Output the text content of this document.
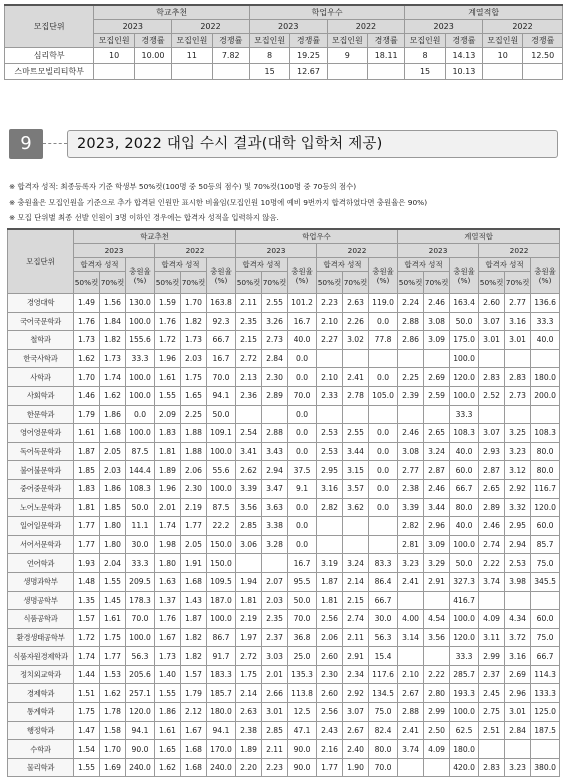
모집단위	학교추천				학업우수				계열적합			
	2023		2022		2023		2022		2023		2022	
	모집인원	경쟁률	모집인원	경쟁률	모집인원	경쟁률	모집인원	경쟁률	모집인원	경쟁률	모집인원	경쟁률
심리학부	10	10.00	11	7.82	8	19.25	9	18.11	8	14.13	10	12.50
스마트모빌리티학부					15	12.67			15	10.13		
9	2023, 2022 대입 수시 결과(대학 입학처 제공)
※ 합격자 성적: 최종등록자 기준 학생부 50%컷(100명 중 50등의 점수) 및 70%컷(100명 중 70등의 점수)
※ 충원율은 모집인원을 기준으로 추가 합격된 인원만 표시한 비율임(모집인원 10명에 예비 9번까지 합격하였다면 충원율은 90%)
※ 모집 단위별 최종 선발 인원이 3명 이하인 경우에는 합격자 성적을 입력하지 않음.
모집단위	학교추천						학업우수						계열적합					
	2023			2022			2023			2022			2023			2022		
	합격자 성적		충원율(%)	합격자 성적		충원율(%)	합격자 성적		충원율(%)	합격자 성적		충원율(%)	합격자 성적		충원율(%)	합격자 성적		충원율(%)
	50%컷	70%컷		50%컷	70%컷		50%컷	70%컷		50%컷	70%컷		50%컷	70%컷		50%컷	70%컷	
경영대학	1.49	1.56	130.0	1.59	1.70	163.8	2.11	2.55	101.2	2.23	2.63	119.0	2.24	2.46	163.4	2.60	2.77	136.6
국어국문학과	1.76	1.84	100.0	1.76	1.82	92.3	2.35	3.26	16.7	2.10	2.26	0.0	2.88	3.08	50.0	3.07	3.16	33.3
철학과	1.73	1.82	155.6	1.72	1.73	66.7	2.15	2.73	40.0	2.27	3.02	77.8	2.86	3.09	175.0	3.01	3.01	40.0
한국사학과	1.62	1.73	33.3	1.96	2.03	16.7	2.72	2.84	0.0						100.0			
사학과	1.70	1.74	100.0	1.61	1.75	70.0	2.13	2.30	0.0	2.10	2.41	0.0	2.25	2.69	120.0	2.83	2.83	180.0
사회학과	1.46	1.62	100.0	1.55	1.65	94.1	2.36	2.89	70.0	2.33	2.78	105.0	2.39	2.59	100.0	2.52	2.73	200.0
한문학과	1.79	1.86	0.0	2.09	2.25	50.0			0.0						33.3			
영어영문학과	1.61	1.68	100.0	1.83	1.88	109.1	2.54	2.88	0.0	2.53	2.55	0.0	2.46	2.65	108.3	3.07	3.25	108.3
독어독문학과	1.87	2.05	87.5	1.81	1.88	100.0	3.41	3.43	0.0	2.53	3.44	0.0	3.08	3.24	40.0	2.93	3.23	80.0
불어불문학과	1.85	2.03	144.4	1.89	2.06	55.6	2.62	2.94	37.5	2.95	3.15	0.0	2.77	2.87	60.0	2.87	3.12	80.0
중어중문학과	1.83	1.86	108.3	1.96	2.30	100.0	3.39	3.47	9.1	3.16	3.57	0.0	2.38	2.46	66.7	2.65	2.92	116.7
노어노문학과	1.81	1.85	50.0	2.01	2.19	87.5	3.56	3.63	0.0	2.82	3.62	0.0	3.39	3.44	80.0	2.89	3.32	120.0
일어일문학과	1.77	1.80	11.1	1.74	1.77	22.2	2.85	3.38	0.0				2.82	2.96	40.0	2.46	2.95	60.0
서어서문학과	1.77	1.80	30.0	1.98	2.05	150.0	3.06	3.28	0.0				2.81	3.09	100.0	2.74	2.94	85.7
언어학과	1.93	2.04	33.3	1.80	1.91	150.0			16.7	3.19	3.24	83.3	3.23	3.29	50.0	2.22	2.53	75.0
생명과학부	1.48	1.55	209.5	1.63	1.68	109.5	1.94	2.07	95.5	1.87	2.14	86.4	2.41	2.91	327.3	3.74	3.98	345.5
생명공학부	1.35	1.45	178.3	1.37	1.43	187.0	1.81	2.03	50.0	1.81	2.15	66.7			416.7			
식품공학과	1.57	1.61	70.0	1.76	1.87	100.0	2.19	2.35	70.0	2.56	2.74	30.0	4.00	4.54	100.0	4.09	4.34	60.0
환경생태공학부	1.72	1.75	100.0	1.67	1.82	86.7	1.97	2.37	36.8	2.06	2.11	56.3	3.14	3.56	120.0	3.11	3.72	75.0
식품자원경제학과	1.74	1.77	56.3	1.73	1.82	91.7	2.72	3.03	25.0	2.60	2.91	15.4			33.3	2.99	3.16	66.7
정치외교학과	1.44	1.53	205.6	1.40	1.57	183.3	1.75	2.01	135.3	2.30	2.34	117.6	2.10	2.22	285.7	2.37	2.69	114.3
경제학과	1.51	1.62	257.1	1.55	1.79	185.7	2.14	2.66	113.8	2.60	2.92	134.5	2.67	2.80	193.3	2.45	2.96	133.3
통계학과	1.75	1.78	120.0	1.86	2.12	180.0	2.63	3.01	12.5	2.56	3.07	75.0	2.88	2.99	100.0	2.75	3.01	125.0
행정학과	1.47	1.58	94.1	1.61	1.67	94.1	2.38	2.85	47.1	2.43	2.67	82.4	2.41	2.50	62.5	2.51	2.84	187.5
수학과	1.54	1.70	90.0	1.65	1.68	170.0	1.89	2.11	90.0	2.16	2.40	80.0	3.74	4.09	180.0			
물리학과	1.55	1.69	240.0	1.62	1.68	240.0	2.20	2.23	90.0	1.77	1.90	70.0			420.0	2.83	3.23	380.0
